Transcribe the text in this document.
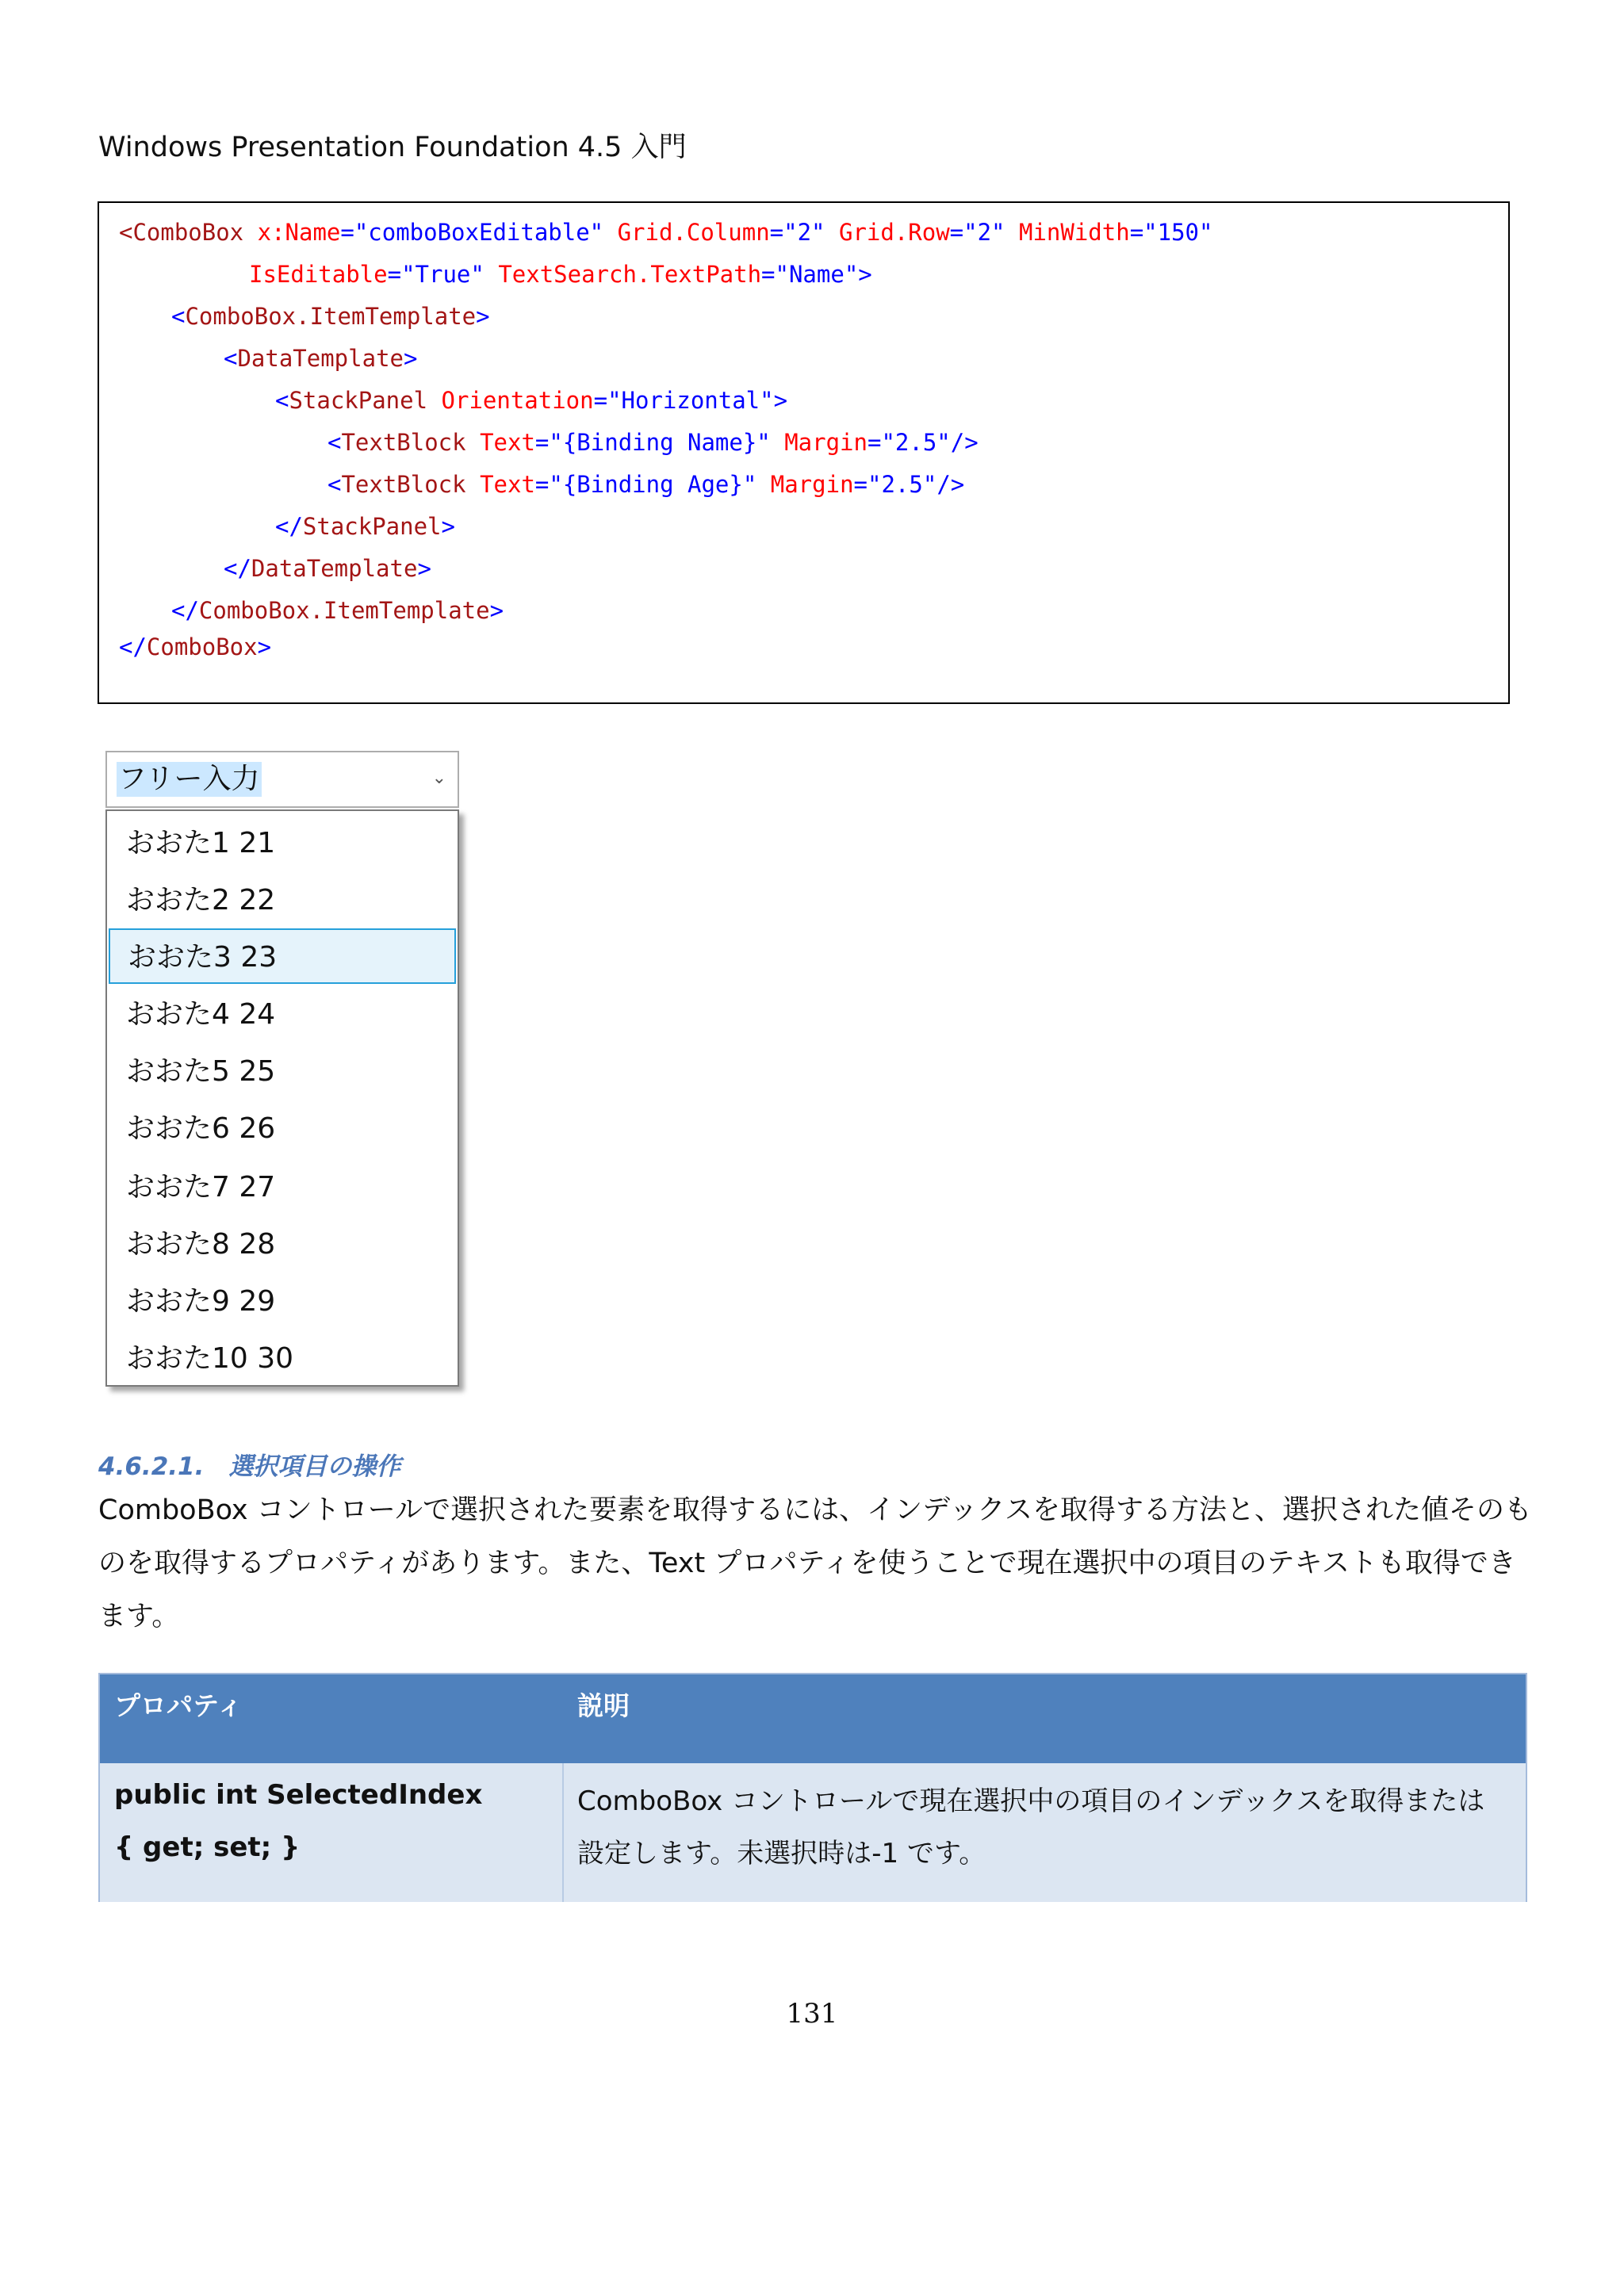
Windows Presentation Foundation 4.5 入門
<ComboBox x:Name="comboBoxEditable" Grid.Column="2" Grid.Row="2" MinWidth="150"
IsEditable="True" TextSearch.TextPath="Name">
<ComboBox.ItemTemplate>
<DataTemplate>
<StackPanel Orientation="Horizontal">
<TextBlock Text="{Binding Name}" Margin="2.5"/>
<TextBlock Text="{Binding Age}" Margin="2.5"/>
</StackPanel>
</DataTemplate>
</ComboBox.ItemTemplate>
</ComboBox>
フリー入力	⌄
おおた1 21
おおた2 22
おおた3 23
おおた4 24
おおた5 25
おおた6 26
おおた7 27
おおた8 28
おおた9 29
おおた10 30
4.6.2.1.　選択項目の操作
ComboBox コントロールで選択された要素を取得するには、インデックスを取得する方法と、選択された値そのも
のを取得するプロパティがあります。また、Text プロパティを使うことで現在選択中の項目のテキストも取得でき
ます。
プロパティ	説明
public int SelectedIndex
{ get; set; }
ComboBox コントロールで現在選択中の項目のインデックスを取得または
設定します。未選択時は-1 です。
131
